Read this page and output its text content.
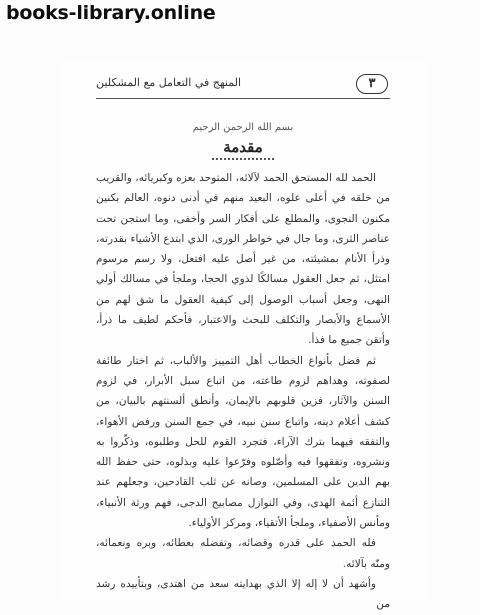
books-library.online
٣
المنهج في التعامل مع المشكلين
بسم الله الرحمن الرحيم
مقدمة

الحمد لله المستحق الحمد لآلائه، المتوحد بعزه وكبريائه، والقريب من خلقه في أعلى علوه، البعيد منهم في أدنى دنوه، العالم بكنين مكنون النجوى، والمطلع على أفكار السر وأخفى، وما استجن تحت عناصر الثرى، وما جال في خواطر الورى، الذي ابتدع الأشياء بقدرته، وذرأ الأنام بمشيئته، من غير أصل عليه افتعل، ولا رسم مرسوم امتثل، ثم جعل العقول مسالكًا لذوي الحجا، وملجأ في مسالك أولي النهى، وجعل أسباب الوصول إلى كيفية العقول ما شق لهم من الأسماع والأبصار والتكلف للبحث والاعتبار، فأحكم لطيف ما ذرأ، وأتقن جميع ما فذأ.

ثم فضل بأنواع الخطاب أهل التمييز والألباب، ثم اختار طائفة لصفوته، وهداهم لزوم طاعته، من اتباع سبل الأبرار، في لزوم السنن والآثار، فزين قلوبهم بالإيمان، وأنطق ألسنتهم بالبيان، من كشف أعلام دينه، واتباع سنن نبيه، في جمع السنن ورفض الأهواء، والتفقه فيهما بترك الآراء، فتجرد القوم للحل وطلبوه، وذكّروا به ونشروه، وتفقهوا فيه وأصّلوه وفرّعوا عليه وبذلوه، حتى حفظ الله بهم الدين على المسلمين، وصانه عن ثلب القادحين، وجعلهم عند التنازع أئمة الهدى، وفي النوازل مصابيح الدجى، فهم ورثة الأنبياء، ومأنس الأصفياء، وملجأ الأتقياء، ومركز الأولياء.

فله الحمد على قدره وقضائه، وتفضله بعطائه، وبره ونعمائه، ومنّه بآلائه.

وأشهد أن لا إله إلا الذي بهدايته سعد من اهتدى، وبتأييده رشد من
